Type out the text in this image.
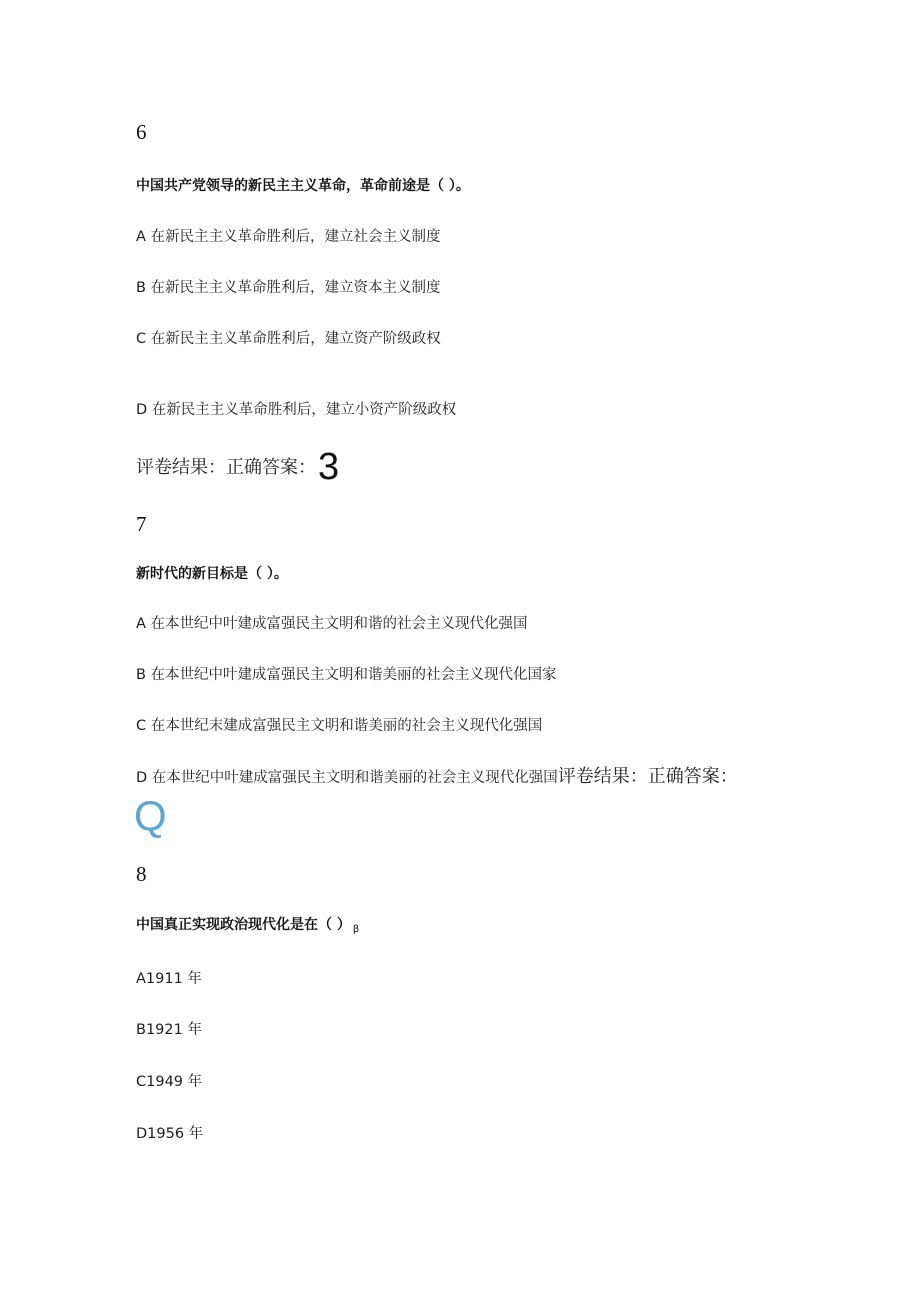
6
中国共产党领导的新民主主义革命，革命前途是（ ）。
A 在新民主主义革命胜利后，建立社会主义制度
B 在新民主主义革命胜利后，建立资本主义制度
C 在新民主主义革命胜利后，建立资产阶级政权
D 在新民主主义革命胜利后，建立小资产阶级政权
评卷结果：正确答案：3
7
新时代的新目标是（ ）。
A 在本世纪中叶建成富强民主文明和谐的社会主义现代化强国
B 在本世纪中叶建成富强民主文明和谐美丽的社会主义现代化国家
C 在本世纪末建成富强民主文明和谐美丽的社会主义现代化强国
D 在本世纪中叶建成富强民主文明和谐美丽的社会主义现代化强国评卷结果：正确答案：
Q
8
中国真正实现政治现代化是在（ ） $_\beta$
A1911 年
B1921 年
C1949 年
D1956 年
